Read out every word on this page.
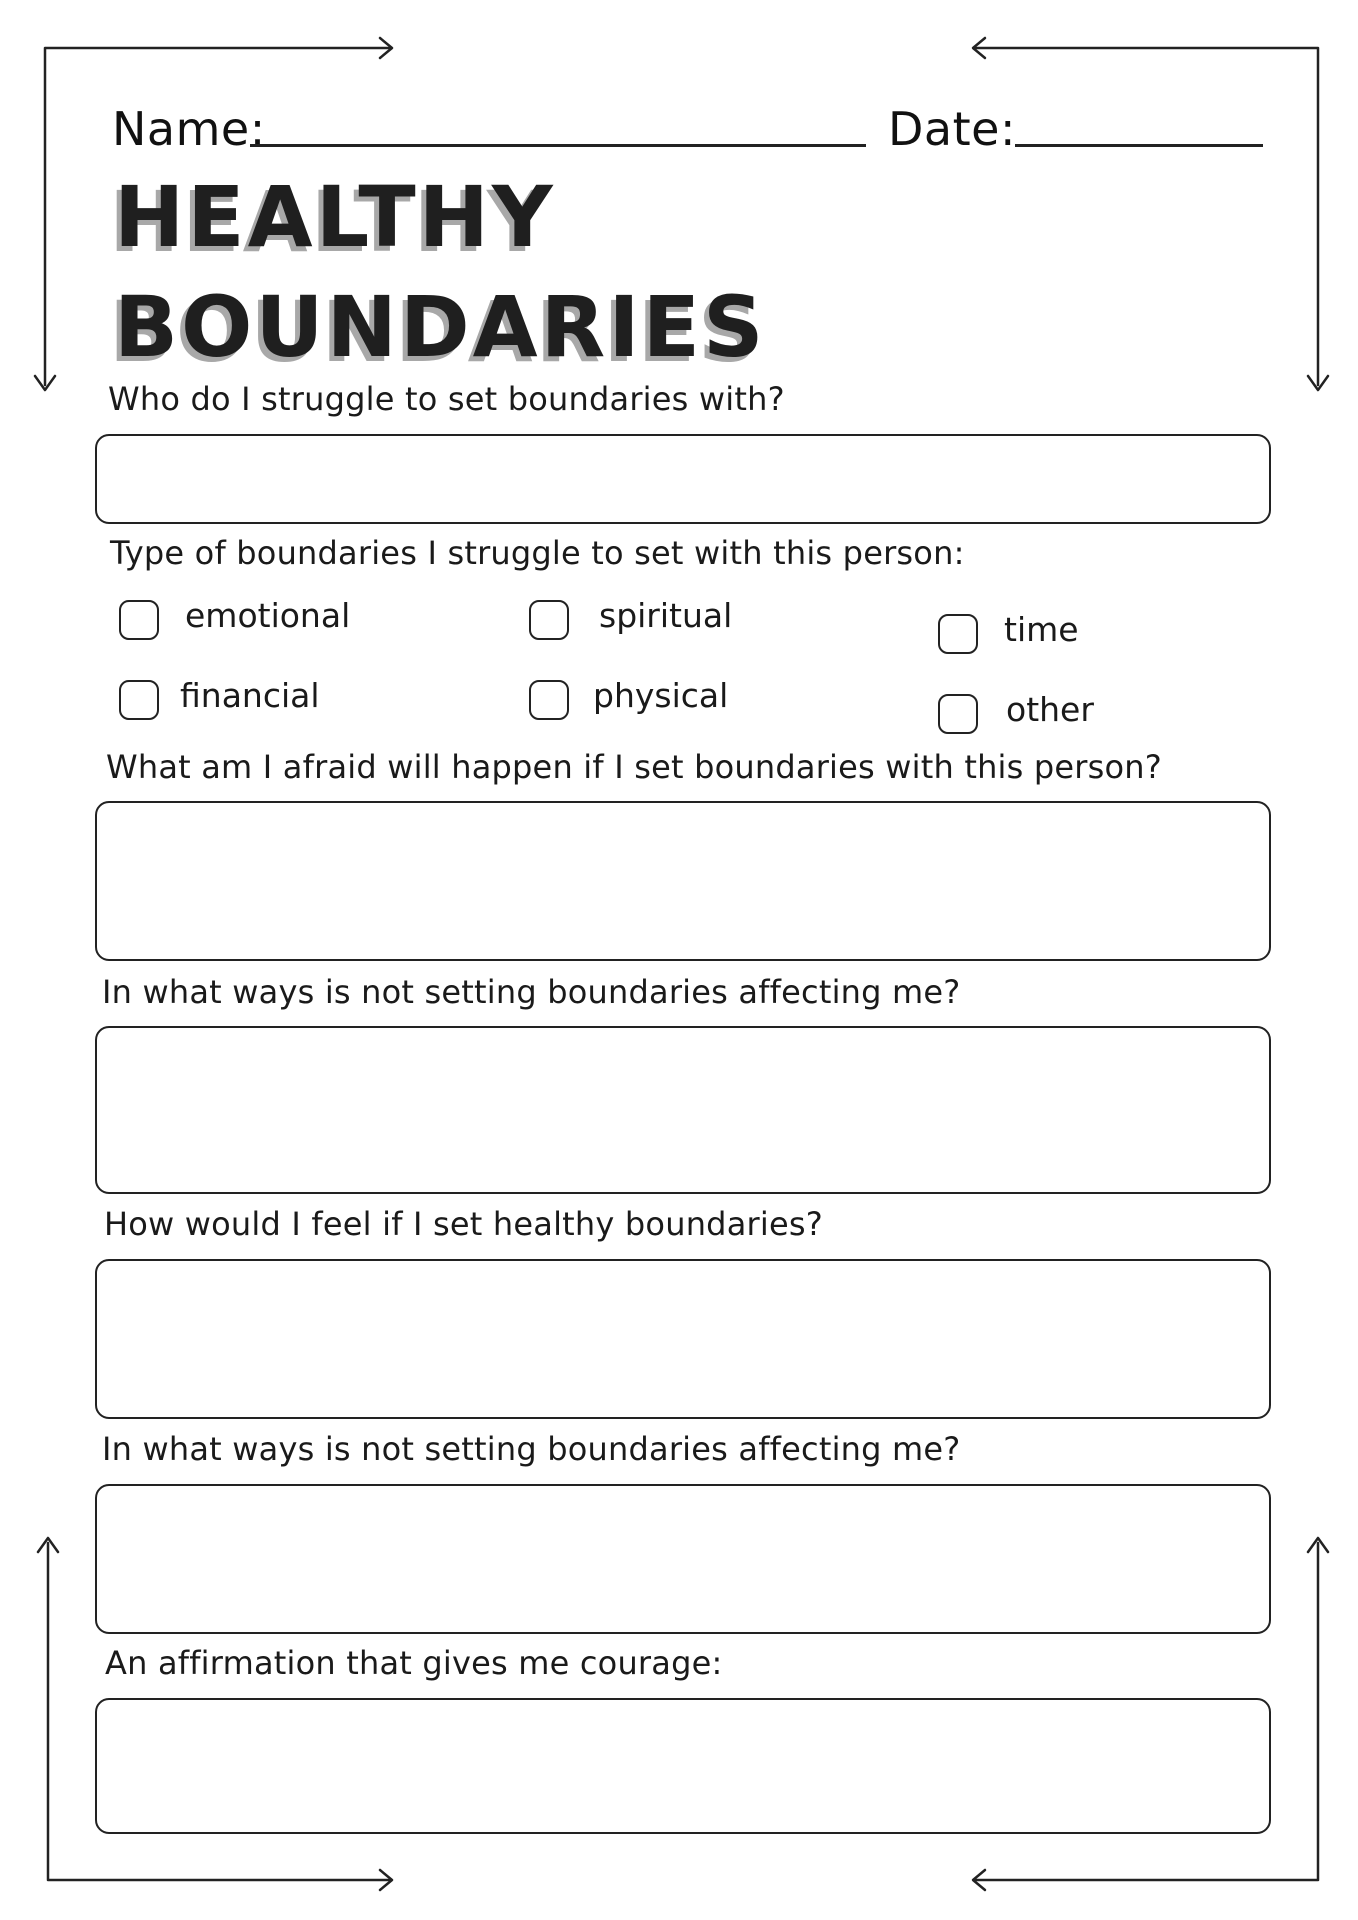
Name:	Date:
HEALTHY
BOUNDARIES
Who do I struggle to set boundaries with?
Type of boundaries I struggle to set with this person:
emotional	spiritual	time
financial	physical	other
What am I afraid will happen if I set boundaries with this person?
In what ways is not setting boundaries affecting me?
How would I feel if I set healthy boundaries?
In what ways is not setting boundaries affecting me?
An affirmation that gives me courage:
